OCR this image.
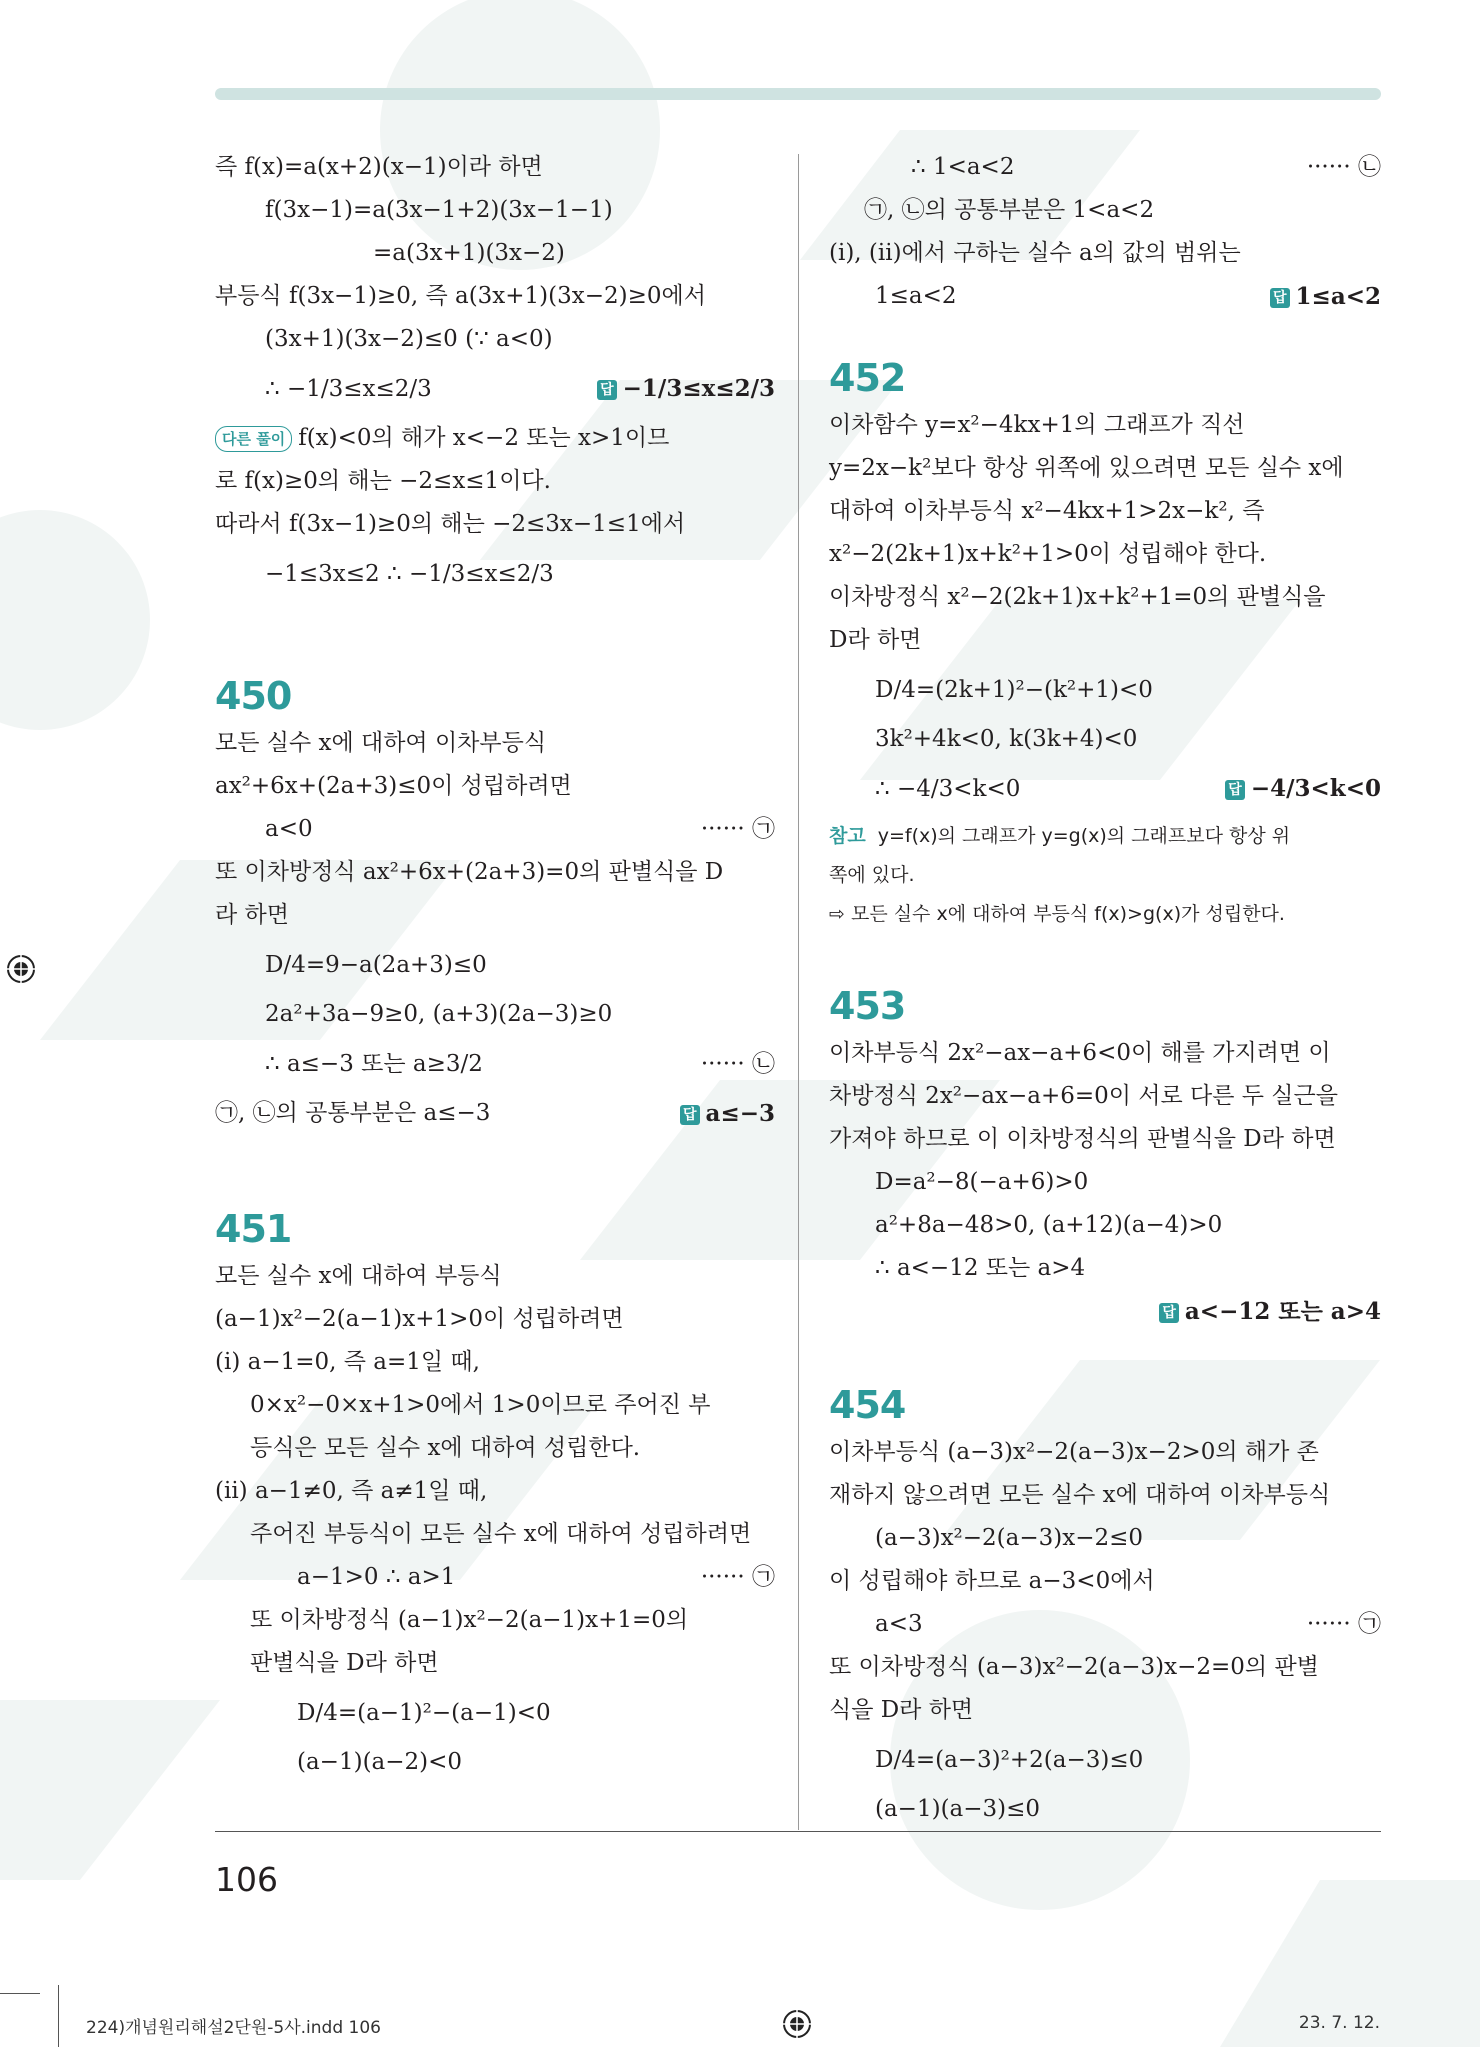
즉 f(x)=a(x+2)(x−1)이라 하면
f(3x−1)=a(3x−1+2)(3x−1−1)
=a(3x+1)(3x−2)
부등식 f(3x−1)≥0, 즉 a(3x+1)(3x−2)≥0에서
(3x+1)(3x−2)≤0 (∵ a<0)
∴ −1/3≤x≤2/3	답 −1/3≤x≤2/3
다른 풀이 f(x)<0의 해가 x<−2 또는 x>1이므
로 f(x)≥0의 해는 −2≤x≤1이다.
따라서 f(3x−1)≥0의 해는 −2≤3x−1≤1에서
−1≤3x≤2 ∴ −1/3≤x≤2/3
450
모든 실수 x에 대하여 이차부등식
ax²+6x+(2a+3)≤0이 성립하려면
a<0	······ ㉠
또 이차방정식 ax²+6x+(2a+3)=0의 판별식을 D
라 하면
D/4=9−a(2a+3)≤0
2a²+3a−9≥0, (a+3)(2a−3)≥0
∴ a≤−3 또는 a≥3/2	······ ㉡
㉠, ㉡의 공통부분은 a≤−3	답 a≤−3
451
모든 실수 x에 대하여 부등식
(a−1)x²−2(a−1)x+1>0이 성립하려면
(ⅰ) a−1=0, 즉 a=1일 때,
0×x²−0×x+1>0에서 1>0이므로 주어진 부
등식은 모든 실수 x에 대하여 성립한다.
(ⅱ) a−1≠0, 즉 a≠1일 때,
주어진 부등식이 모든 실수 x에 대하여 성립하려면
a−1>0 ∴ a>1	······ ㉠
또 이차방정식 (a−1)x²−2(a−1)x+1=0의
판별식을 D라 하면
D/4=(a−1)²−(a−1)<0
(a−1)(a−2)<0
∴ 1<a<2	······ ㉡
㉠, ㉡의 공통부분은 1<a<2
(ⅰ), (ⅱ)에서 구하는 실수 a의 값의 범위는
1≤a<2	답 1≤a<2
452
이차함수 y=x²−4kx+1의 그래프가 직선
y=2x−k²보다 항상 위쪽에 있으려면 모든 실수 x에
대하여 이차부등식 x²−4kx+1>2x−k², 즉
x²−2(2k+1)x+k²+1>0이 성립해야 한다.
이차방정식 x²−2(2k+1)x+k²+1=0의 판별식을
D라 하면
D/4=(2k+1)²−(k²+1)<0
3k²+4k<0, k(3k+4)<0
∴ −4/3<k<0	답 −4/3<k<0
참고 y=f(x)의 그래프가 y=g(x)의 그래프보다 항상 위
쪽에 있다.
⇨ 모든 실수 x에 대하여 부등식 f(x)>g(x)가 성립한다.
453
이차부등식 2x²−ax−a+6<0이 해를 가지려면 이
차방정식 2x²−ax−a+6=0이 서로 다른 두 실근을
가져야 하므로 이 이차방정식의 판별식을 D라 하면
D=a²−8(−a+6)>0
a²+8a−48>0, (a+12)(a−4)>0
∴ a<−12 또는 a>4
답 a<−12 또는 a>4
454
이차부등식 (a−3)x²−2(a−3)x−2>0의 해가 존
재하지 않으려면 모든 실수 x에 대하여 이차부등식
(a−3)x²−2(a−3)x−2≤0
이 성립해야 하므로 a−3<0에서
a<3	······ ㉠
또 이차방정식 (a−3)x²−2(a−3)x−2=0의 판별
식을 D라 하면
D/4=(a−3)²+2(a−3)≤0
(a−1)(a−3)≤0
106
224)개념원리해설2단원-5사.indd 106	23. 7. 12.
